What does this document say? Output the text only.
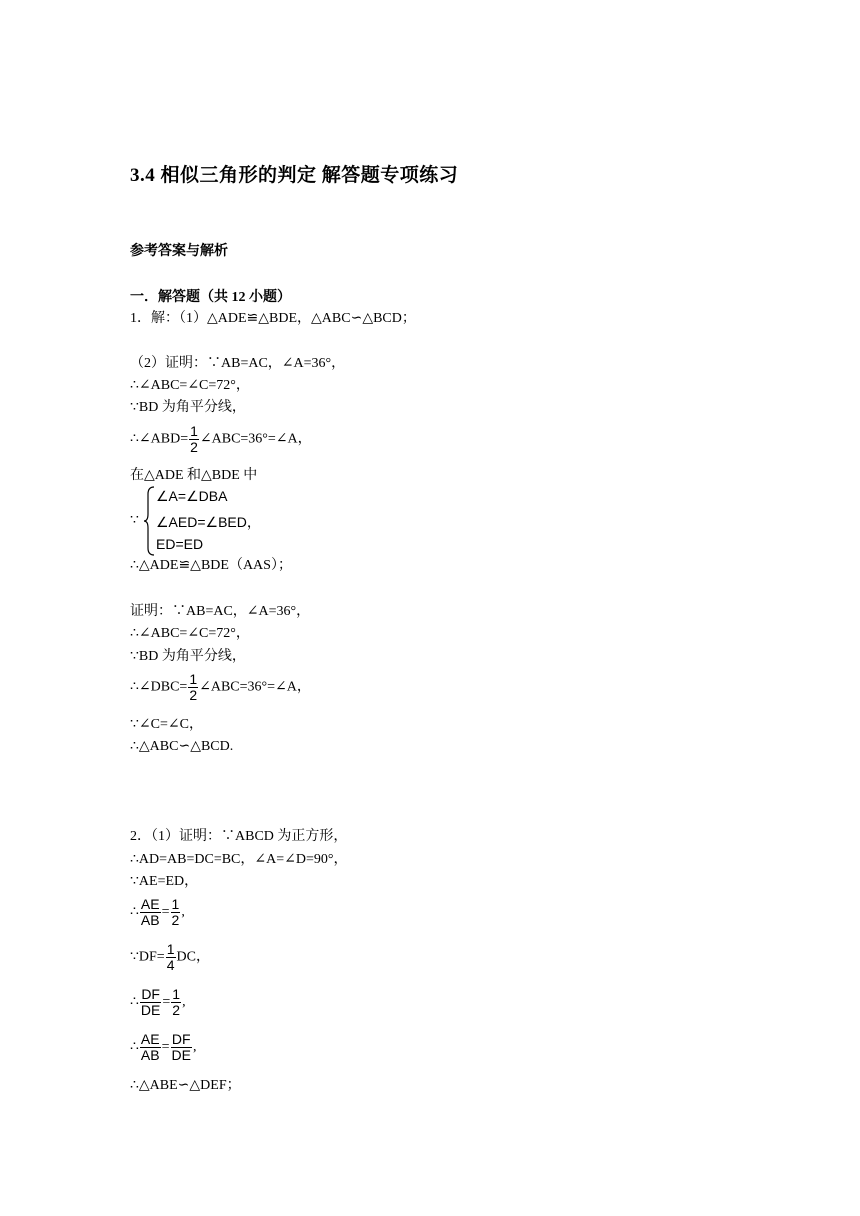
3.4 相似三角形的判定 解答题专项练习
参考答案与解析
一．解答题（共 12 小题）
1．解：（1）△ADE≌△BDE，△ABC∽△BCD；
（2）证明：∵AB=AC，∠A=36°，
∴∠ABC=∠C=72°，
∵BD 为角平分线，
∴∠ABD= $\frac{1}{2}$ ∠ABC=36°=∠A，
在△ADE 和△BDE 中
∵
∠A=∠DBA
∠AED=∠BED，
ED=ED
∴△ADE≌△BDE（AAS）；
证明：∵AB=AC，∠A=36°，
∴∠ABC=∠C=72°，
∵BD 为角平分线，
∴∠DBC= $\frac{1}{2}$ ∠ABC=36°=∠A，
∵∠C=∠C，
∴△ABC∽△BCD.
2．（1）证明：∵ABCD 为正方形，
∴AD=AB=DC=BC，∠A=∠D=90°，
∵AE=ED，
∴ $\frac{AE}{AB} = \frac{1}{2}$ ,
∵DF= $\frac{1}{4}$ DC，
∴ $\frac{DF}{DE} = \frac{1}{2}$ ,
∴ $\frac{AE}{AB} = \frac{DF}{DE}$ ,
∴△ABE∽△DEF；
